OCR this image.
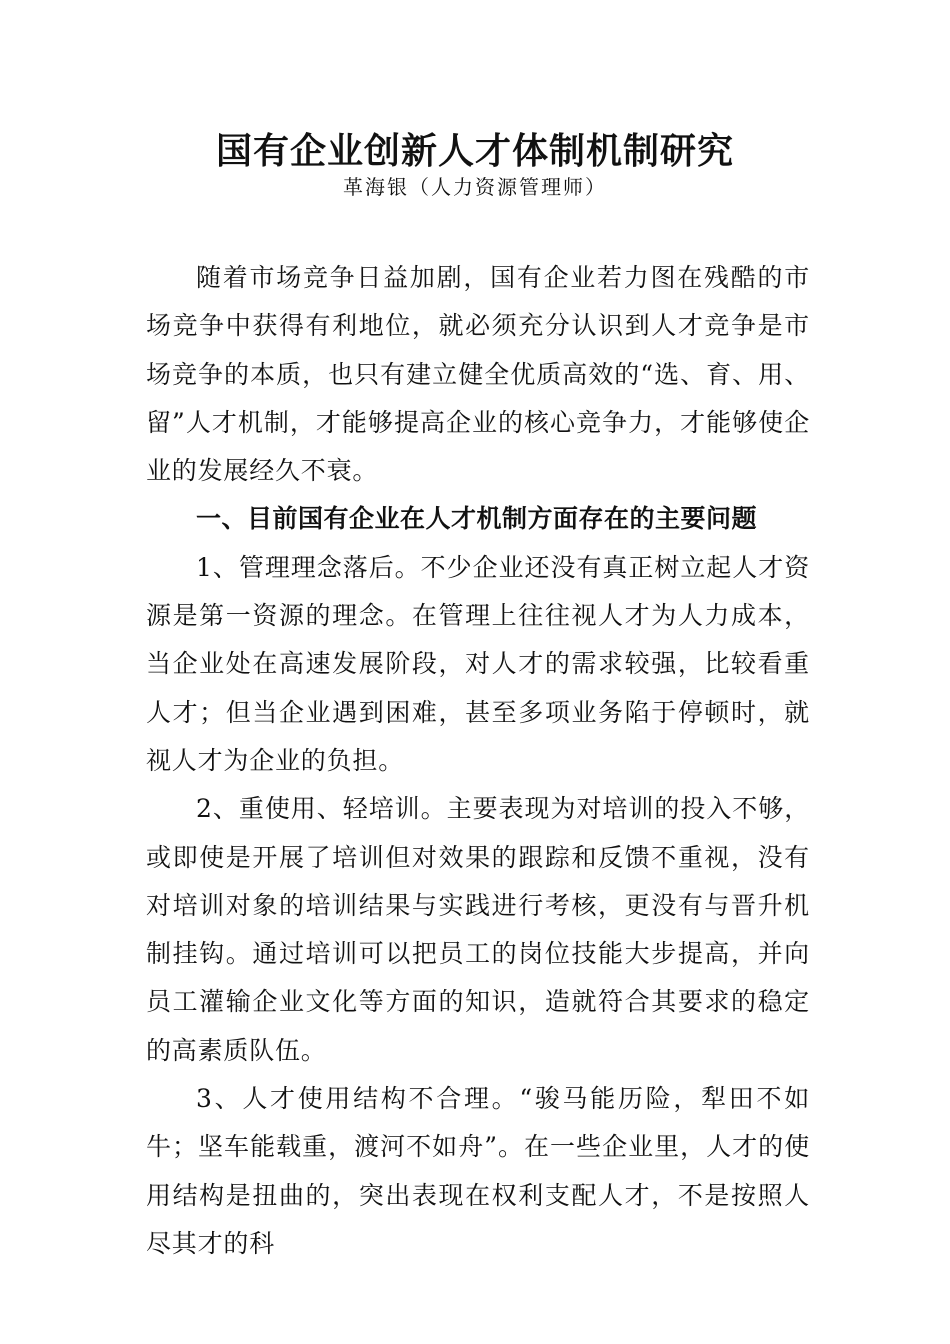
国有企业创新人才体制机制研究
革海银（人力资源管理师）

随着市场竞争日益加剧，国有企业若力图在残酷的市场竞争中获得有利地位，就必须充分认识到人才竞争是市场竞争的本质，也只有建立健全优质高效的“选、育、用、留”人才机制，才能够提高企业的核心竞争力，才能够使企业的发展经久不衰。

一、目前国有企业在人才机制方面存在的主要问题

1、管理理念落后。不少企业还没有真正树立起人才资源是第一资源的理念。在管理上往往视人才为人力成本，当企业处在高速发展阶段，对人才的需求较强，比较看重人才；但当企业遇到困难，甚至多项业务陷于停顿时，就视人才为企业的负担。

2、重使用、轻培训。主要表现为对培训的投入不够，或即使是开展了培训但对效果的跟踪和反馈不重视，没有对培训对象的培训结果与实践进行考核，更没有与晋升机制挂钩。通过培训可以把员工的岗位技能大步提高，并向员工灌输企业文化等方面的知识，造就符合其要求的稳定的高素质队伍。

3、人才使用结构不合理。“骏马能历险，犁田不如牛；坚车能载重，渡河不如舟”。在一些企业里，人才的使用结构是扭曲的，突出表现在权利支配人才，不是按照人尽其才的科
